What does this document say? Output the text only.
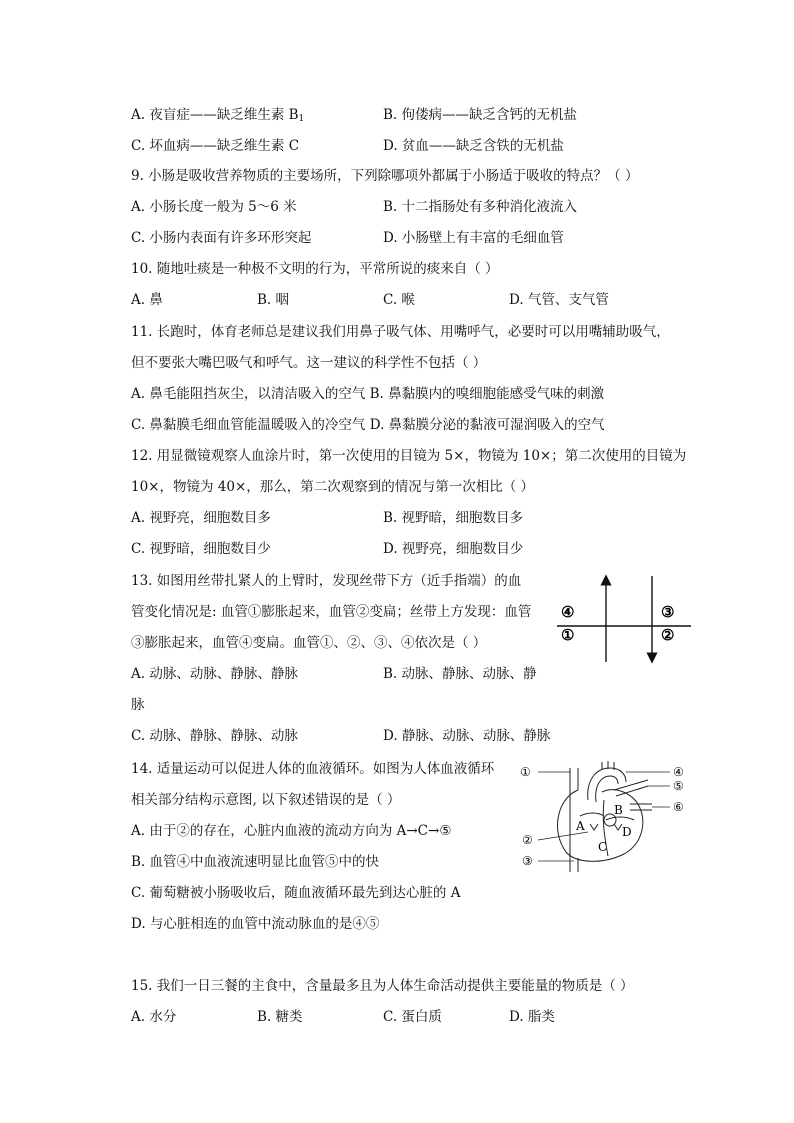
A. 夜盲症——缺乏维生素 $B_1$	B. 佝偻病——缺乏含钙的无机盐
C. 坏血病——缺乏维生素 C	D. 贫血——缺乏含铁的无机盐
9. 小肠是吸收营养物质的主要场所，下列除哪项外都属于小肠适于吸收的特点？（ ）
A. 小肠长度一般为 5～6 米	B. 十二指肠处有多种消化液流入
C. 小肠内表面有许多环形突起	D. 小肠壁上有丰富的毛细血管
10. 随地吐痰是一种极不文明的行为，平常所说的痰来自（ ）
A. 鼻	B. 咽	C. 喉	D. 气管、支气管
11. 长跑时，体育老师总是建议我们用鼻子吸气体、用嘴呼气，必要时可以用嘴辅助吸气，
但不要张大嘴巴吸气和呼气。这一建议的科学性不包括（ ）
A. 鼻毛能阻挡灰尘，以清洁吸入的空气 B. 鼻黏膜内的嗅细胞能感受气味的刺激
C. 鼻黏膜毛细血管能温暖吸入的冷空气 D. 鼻黏膜分泌的黏液可湿润吸入的空气
12. 用显微镜观察人血涂片时，第一次使用的目镜为 5×，物镜为 10×；第二次使用的目镜为
10×，物镜为 40×，那么，第二次观察到的情况与第一次相比（ ）
A. 视野亮，细胞数目多	B. 视野暗，细胞数目多
C. 视野暗，细胞数目少	D. 视野亮，细胞数目少
13. 如图用丝带扎紧人的上臂时，发现丝带下方（近手指端）的血
管变化情况是: 血管①膨胀起来，血管②变扁；丝带上方发现：血管
③膨胀起来，血管④变扁。血管①、②、③、④依次是（ ）
A. 动脉、动脉、静脉、静脉	B. 动脉、静脉、动脉、静
脉
C. 动脉、静脉、静脉、动脉	D. 静脉、动脉、动脉、静脉
④
①
③
②
14. 适量运动可以促进人体的血液循环。如图为人体血液循环
相关部分结构示意图, 以下叙述错误的是（ ）
A. 由于②的存在，心脏内血液的流动方向为 A→C→⑤
B. 血管④中血液流速明显比血管⑤中的快
C. 葡萄糖被小肠吸收后，随血液循环最先到达心脏的 A
D. 与心脏相连的血管中流动脉血的是④⑤
①	④
⑤
⑥
②
③
A
B
C
D
15. 我们一日三餐的主食中，含量最多且为人体生命活动提供主要能量的物质是（ ）
A. 水分	B. 糖类	C. 蛋白质	D. 脂类
